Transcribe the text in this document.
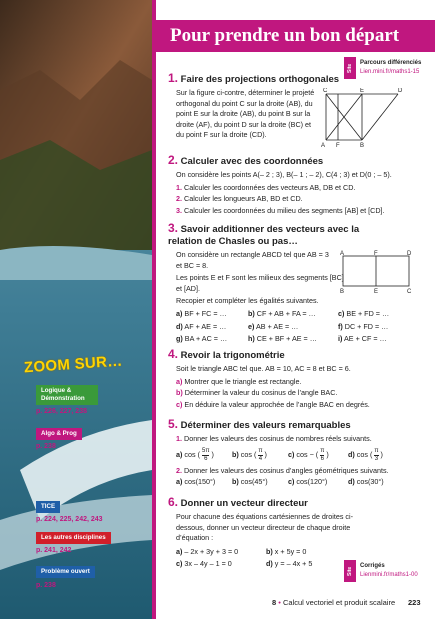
Pour prendre un bon départ
Site
Parcours différenciés
Lien.mini.fr/maths1-15
1. Faire des projections orthogonales

Sur la figure ci-contre, déterminer le projeté orthogonal du point C sur la droite (AB), du point E sur la droite (AB), du point B sur la droite (AF), du point D sur la droite (BC) et du point F sur la droite (CD).

C	E	D
A F	B
2. Calculer avec des coordonnées

On considère les points A(– 2 ; 3), B(– 1 ; – 2), C(4 ; 3) et D(0 ; – 5).

1. Calculer les coordonnées des vecteurs AB, DB et CD.
2. Calculer les longueurs AB, BD et CD.
3. Calculer les coordonnées du milieu des segments [AB] et [CD].
3. Savoir additionner des vecteurs avec la relation de Chasles ou pas…

On considère un rectangle ABCD tel que AB = 3 et BC = 8.

Les points E et F sont les milieux des segments [BC] et [AD].

Recopier et compléter les égalités suivantes.

a) BF + FC = …	b) CF + AB + FA = …	c) BE + FD = …
d) AF + AE = …	e) AB + AE = …	f) DC + FD = …
g) BA + AC = …	h) CE + BF + AE = …	i) AE + CF = …
A	F	D
B	E	C
4. Revoir la trigonométrie

Soit le triangle ABC tel que. AB = 10, AC = 8 et BC = 6.

a) Montrer que le triangle est rectangle.
b) Déterminer la valeur du cosinus de l’angle BAC.
c) En déduire la valeur approchée de l’angle BAC en degrés.
5. Déterminer des valeurs remarquables
1. Donner les valeurs des cosinus de nombres réels suivants.
a) cos ( $\frac{5\pi}{6}$ )	b) cos ( $\frac{\pi}{4}$ )	c) cos − ( $\frac{\pi}{6}$ )	d) cos ( $\frac{\pi}{3}$ )
2. Donner les valeurs des cosinus d’angles géométriques suivants.
a) cos(150°)	b) cos(45°)	c) cos(120°)	d) cos(30°)
6. Donner un vecteur directeur

Pour chacune des équations cartésiennes de droites ci-dessous, donner un vecteur directeur de chaque droite d’équation :

a) – 2x + 3y + 3 = 0	b) x + 5y = 0
c) 3x – 4y – 1 = 0	d) y = – 4x + 5
Site
Corrigés
Lienmini.fr/maths1-00
ZOOM SUR…
Logique & Démonstration
p. 226, 227, 238
Algo & Prog
p. 238
TICE
p. 224, 225, 242, 243
Les autres disciplines
p. 241, 242
Problème ouvert
p. 238
8 • Calcul vectoriel et produit scalaire 223
